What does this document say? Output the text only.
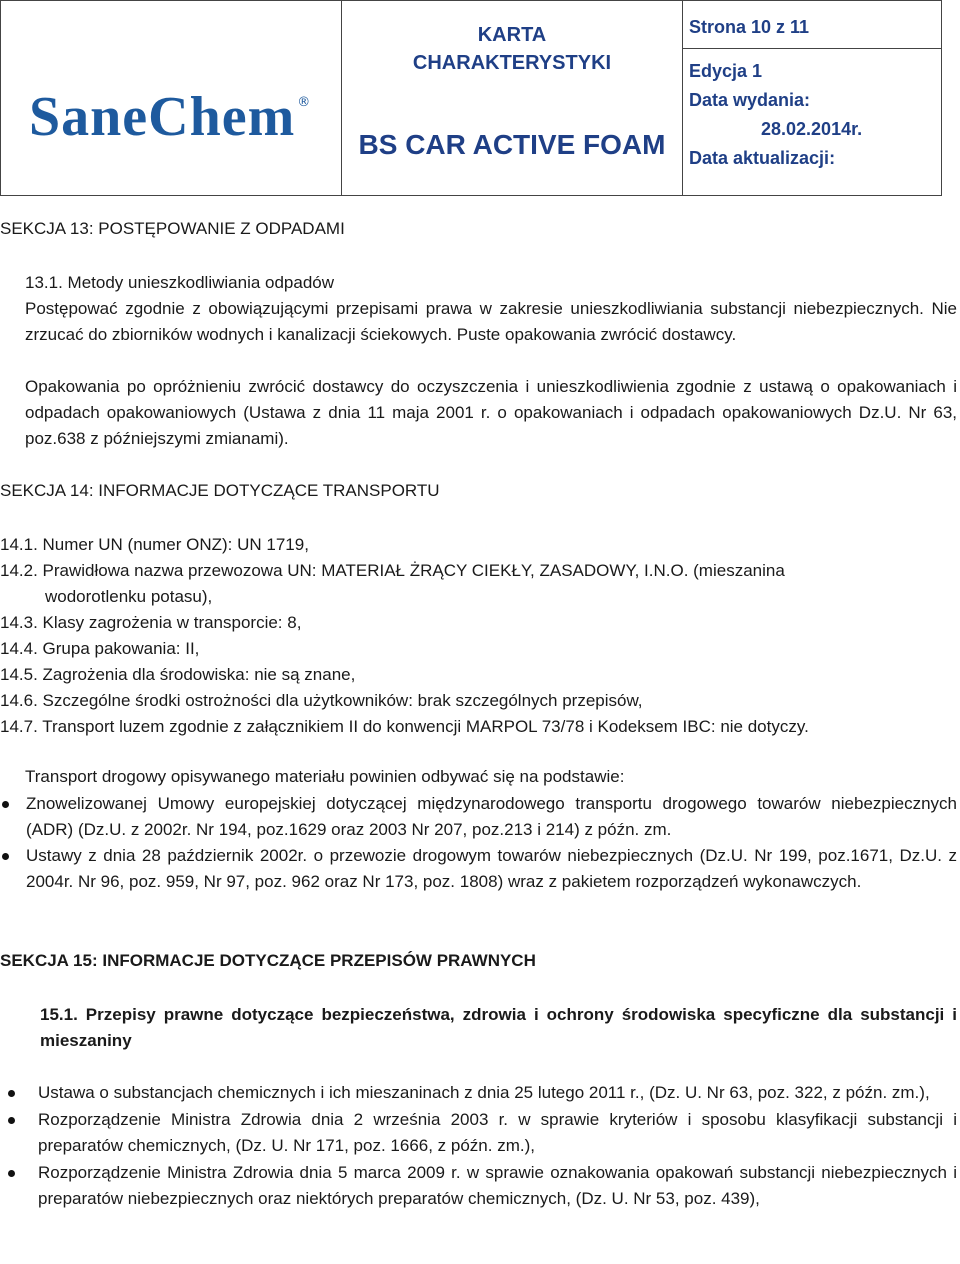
SaneChem ®

KARTA
CHARAKTERYSTYKI
BS CAR ACTIVE FOAM

Strona 10 z 11
Edycja 1
Data wydania:
28.02.2014r.
Data aktualizacji:
SEKCJA 13: POSTĘPOWANIE Z ODPADAMI
13.1. Metody unieszkodliwiania odpadów
Postępować zgodnie z obowiązującymi przepisami prawa w zakresie unieszkodliwiania substancji niebezpiecznych. Nie zrzucać do zbiorników wodnych i kanalizacji ściekowych. Puste opakowania zwrócić dostawcy.
Opakowania po opróżnieniu zwrócić dostawcy do oczyszczenia i unieszkodliwienia zgodnie z ustawą o opakowaniach i odpadach opakowaniowych (Ustawa z dnia 11 maja 2001 r. o opakowaniach i odpadach opakowaniowych Dz.U. Nr 63, poz.638 z późniejszymi zmianami).
SEKCJA 14: INFORMACJE DOTYCZĄCE TRANSPORTU
14.1. Numer UN (numer ONZ): UN 1719,
14.2. Prawidłowa nazwa przewozowa UN: MATERIAŁ ŻRĄCY CIEKŁY, ZASADOWY, I.N.O. (mieszanina
wodorotlenku potasu),
14.3. Klasy zagrożenia w transporcie: 8,
14.4. Grupa pakowania: II,
14.5. Zagrożenia dla środowiska: nie są znane,
14.6. Szczególne środki ostrożności dla użytkowników: brak szczególnych przepisów,
14.7. Transport luzem zgodnie z załącznikiem II do konwencji MARPOL 73/78 i Kodeksem IBC: nie dotyczy.
Transport drogowy opisywanego materiału powinien odbywać się na podstawie:
Znowelizowanej Umowy europejskiej dotyczącej międzynarodowego transportu drogowego towarów niebezpiecznych (ADR) (Dz.U. z 2002r. Nr 194, poz.1629 oraz 2003 Nr 207, poz.213 i 214) z późn. zm.
Ustawy z dnia 28 październik 2002r. o przewozie drogowym towarów niebezpiecznych (Dz.U. Nr 199, poz.1671, Dz.U. z 2004r. Nr 96, poz. 959, Nr 97, poz. 962 oraz Nr 173, poz. 1808) wraz z pakietem rozporządzeń wykonawczych.
SEKCJA 15: INFORMACJE DOTYCZĄCE PRZEPISÓW PRAWNYCH
15.1. Przepisy prawne dotyczące bezpieczeństwa, zdrowia i ochrony środowiska specyficzne dla substancji i mieszaniny
Ustawa o substancjach chemicznych i ich mieszaninach z dnia 25 lutego 2011 r., (Dz. U. Nr 63, poz. 322, z późn. zm.),
Rozporządzenie Ministra Zdrowia dnia 2 września 2003 r. w sprawie kryteriów i sposobu klasyfikacji substancji i preparatów chemicznych, (Dz. U. Nr 171, poz. 1666, z późn. zm.),
Rozporządzenie Ministra Zdrowia dnia 5 marca 2009 r. w sprawie oznakowania opakowań substancji niebezpiecznych i preparatów niebezpiecznych oraz niektórych preparatów chemicznych, (Dz. U. Nr 53, poz. 439),
